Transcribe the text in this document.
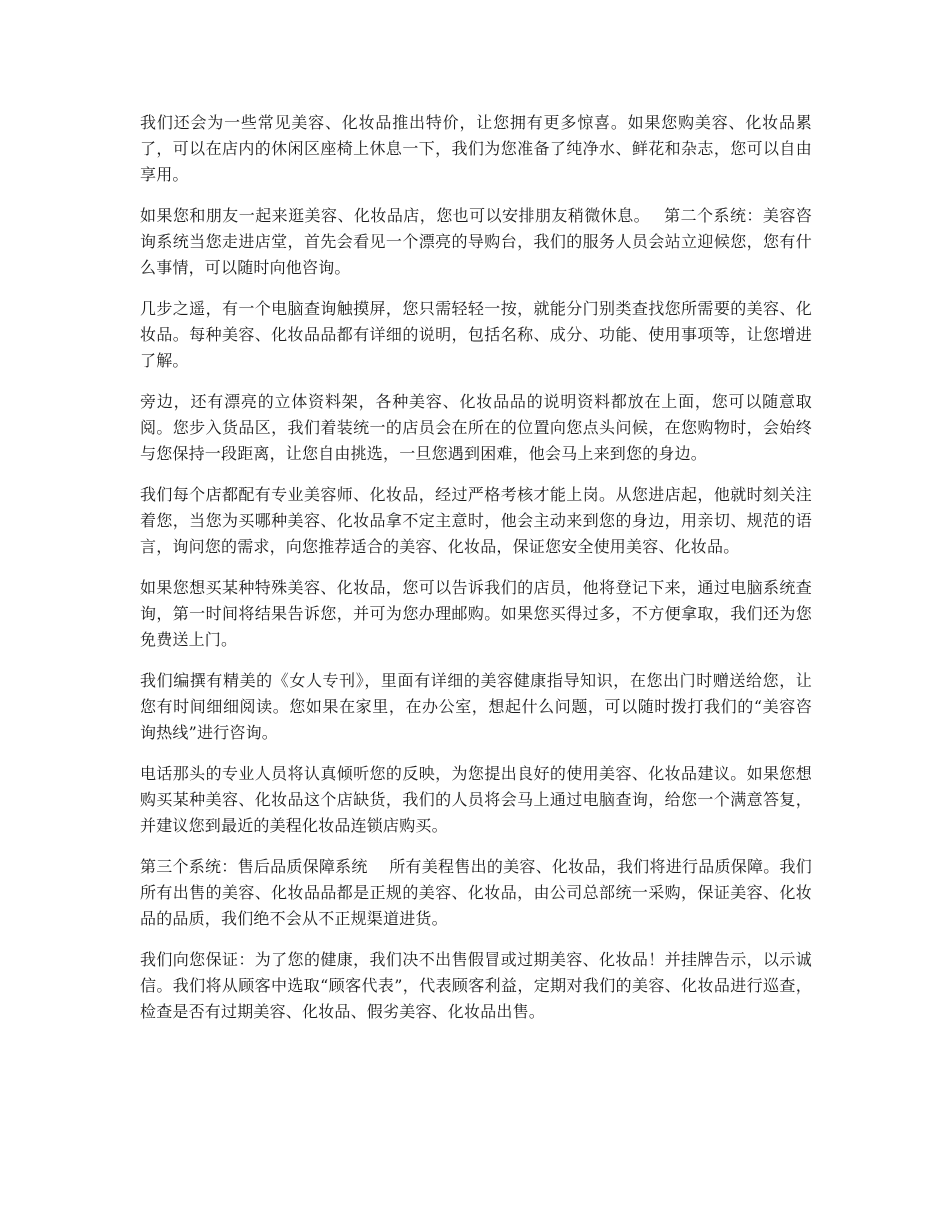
我们还会为一些常见美容、化妆品推出特价，让您拥有更多惊喜。如果您购美容、化妆品累了，可以在店内的休闲区座椅上休息一下，我们为您准备了纯净水、鲜花和杂志，您可以自由享用。

如果您和朋友一起来逛美容、化妆品店，您也可以安排朋友稍微休息。　 第二个系统：美容咨询系统当您走进店堂，首先会看见一个漂亮的导购台，我们的服务人员会站立迎候您，您有什么事情，可以随时向他咨询。

几步之遥，有一个电脑查询触摸屏，您只需轻轻一按，就能分门别类查找您所需要的美容、化妆品。每种美容、化妆品品都有详细的说明，包括名称、成分、功能、使用事项等，让您增进了解。

旁边，还有漂亮的立体资料架，各种美容、化妆品品的说明资料都放在上面，您可以随意取阅。您步入货品区，我们着装统一的店员会在所在的位置向您点头问候，在您购物时，会始终与您保持一段距离，让您自由挑选，一旦您遇到困难，他会马上来到您的身边。

我们每个店都配有专业美容师、化妆品，经过严格考核才能上岗。从您进店起，他就时刻关注着您，当您为买哪种美容、化妆品拿不定主意时，他会主动来到您的身边，用亲切、规范的语言，询问您的需求，向您推荐适合的美容、化妆品，保证您安全使用美容、化妆品。

如果您想买某种特殊美容、化妆品，您可以告诉我们的店员，他将登记下来，通过电脑系统查询，第一时间将结果告诉您，并可为您办理邮购。如果您买得过多，不方便拿取，我们还为您免费送上门。

我们编撰有精美的《女人专刊》，里面有详细的美容健康指导知识，在您出门时赠送给您，让您有时间细细阅读。您如果在家里，在办公室，想起什么问题，可以随时拨打我们的“美容咨询热线”进行咨询。

电话那头的专业人员将认真倾听您的反映，为您提出良好的使用美容、化妆品建议。如果您想购买某种美容、化妆品这个店缺货，我们的人员将会马上通过电脑查询，给您一个满意答复，并建议您到最近的美程化妆品连锁店购买。

第三个系统：售后品质保障系统　 所有美程售出的美容、化妆品，我们将进行品质保障。我们所有出售的美容、化妆品品都是正规的美容、化妆品，由公司总部统一采购，保证美容、化妆品的品质，我们绝不会从不正规渠道进货。

我们向您保证：为了您的健康，我们决不出售假冒或过期美容、化妆品！并挂牌告示，以示诚信。我们将从顾客中选取“顾客代表”，代表顾客利益，定期对我们的美容、化妆品进行巡查，检查是否有过期美容、化妆品、假劣美容、化妆品出售。
